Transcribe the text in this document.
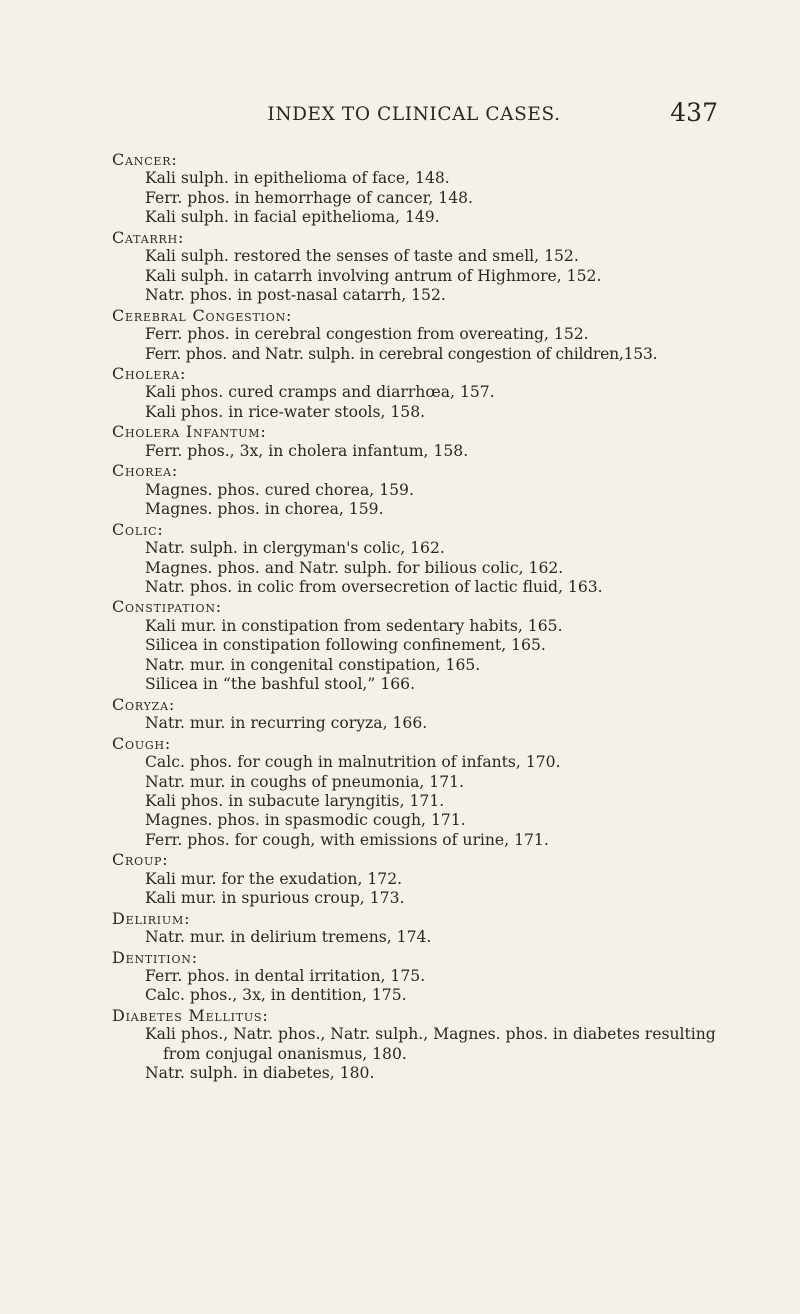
INDEX TO CLINICAL CASES.	437
Cancer:
Kali sulph. in epithelioma of face, 148.
Ferr. phos. in hemorrhage of cancer, 148.
Kali sulph. in facial epithelioma, 149.
Catarrh:
Kali sulph. restored the senses of taste and smell, 152.
Kali sulph. in catarrh involving antrum of Highmore, 152.
Natr. phos. in post-nasal catarrh, 152.
Cerebral Congestion:
Ferr. phos. in cerebral congestion from overeating, 152.
Ferr. phos. and Natr. sulph. in cerebral congestion of children,153.
Cholera:
Kali phos. cured cramps and diarrhœa, 157.
Kali phos. in rice-water stools, 158.
Cholera Infantum:
Ferr. phos., 3x, in cholera infantum, 158.
Chorea:
Magnes. phos. cured chorea, 159.
Magnes. phos. in chorea, 159.
Colic:
Natr. sulph. in clergyman's colic, 162.
Magnes. phos. and Natr. sulph. for bilious colic, 162.
Natr. phos. in colic from oversecretion of lactic fluid, 163.
Constipation:
Kali mur. in constipation from sedentary habits, 165.
Silicea in constipation following confinement, 165.
Natr. mur. in congenital constipation, 165.
Silicea in “the bashful stool,” 166.
Coryza:
Natr. mur. in recurring coryza, 166.
Cough:
Calc. phos. for cough in malnutrition of infants, 170.
Natr. mur. in coughs of pneumonia, 171.
Kali phos. in subacute laryngitis, 171.
Magnes. phos. in spasmodic cough, 171.
Ferr. phos. for cough, with emissions of urine, 171.
Croup:
Kali mur. for the exudation, 172.
Kali mur. in spurious croup, 173.
Delirium:
Natr. mur. in delirium tremens, 174.
Dentition:
Ferr. phos. in dental irritation, 175.
Calc. phos., 3x, in dentition, 175.
Diabetes Mellitus:
Kali phos., Natr. phos., Natr. sulph., Magnes. phos. in diabetes resulting from conjugal onanismus, 180.
Natr. sulph. in diabetes, 180.
